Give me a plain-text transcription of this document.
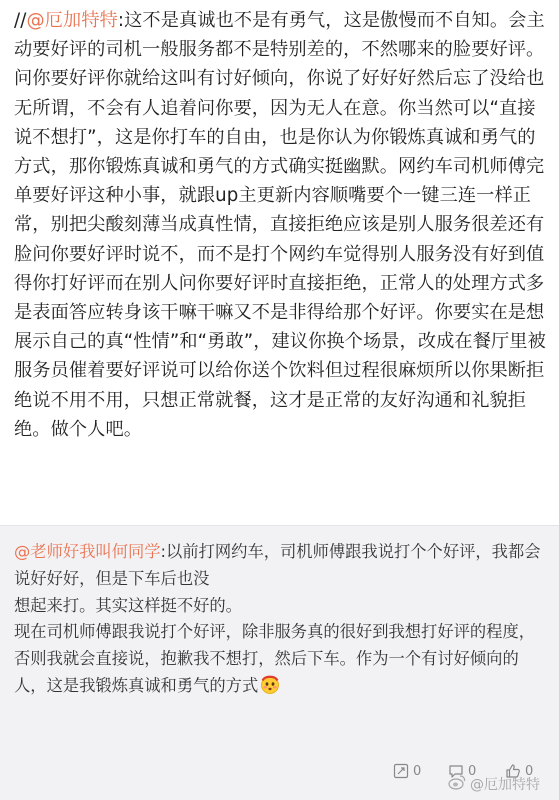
//@厄加特特:这不是真诚也不是有勇气，这是傲慢而不自知。会主动要好评的司机一般服务都不是特别差的，不然哪来的脸要好评。问你要好评你就给这叫有讨好倾向，你说了好好好然后忘了没给也无所谓，不会有人追着问你要，因为无人在意。你当然可以“直接说不想打”，这是你打车的自由，也是你认为你锻炼真诚和勇气的方式，那你锻炼真诚和勇气的方式确实挺幽默。网约车司机师傅完单要好评这种小事，就跟up主更新内容顺嘴要个一键三连一样正常，别把尖酸刻薄当成真性情，直接拒绝应该是别人服务很差还有脸问你要好评时说不，而不是打个网约车觉得别人服务没有好到值得你打好评而在别人问你要好评时直接拒绝，正常人的处理方式多是表面答应转身该干嘛干嘛又不是非得给那个好评。你要实在是想展示自己的真“性情”和“勇敢”，建议你换个场景，改成在餐厅里被服务员催着要好评说可以给你送个饮料但过程很麻烦所以你果断拒绝说不用不用，只想正常就餐，这才是正常的友好沟通和礼貌拒绝。做个人吧。

@老师好我叫何同学:以前打网约车，司机师傅跟我说打个个好评，我都会说好好好，但是下车后也没
想起来打。其实这样挺不好的。
现在司机师傅跟我说打个好评，除非服务真的很好到我想打好评的程度，否则我就会直接说，抱歉我不想打，然后下车。作为一个有讨好倾向的人，这是我锻炼真诚和勇气的方式

0	0	0
@厄加特特
